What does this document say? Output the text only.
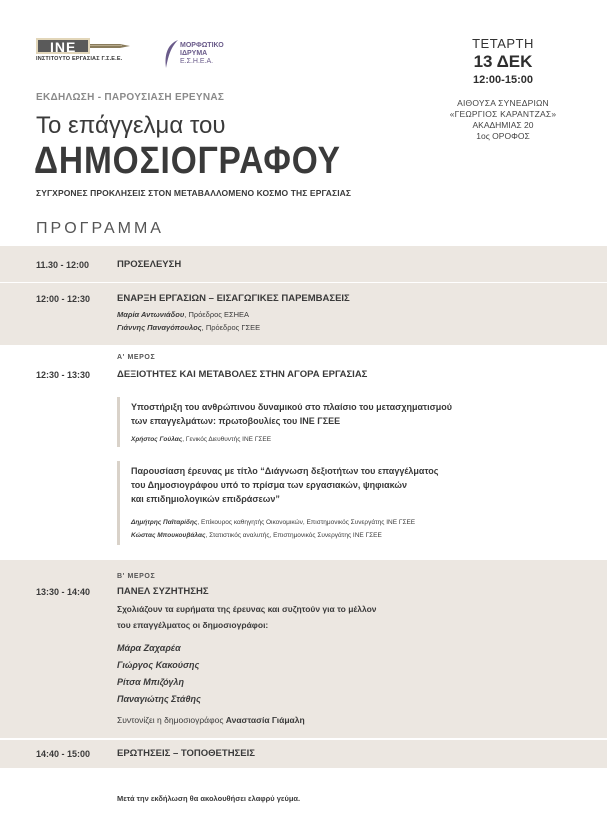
INE
ΙΝΣΤΙΤΟΥΤΟ ΕΡΓΑΣΙΑΣ Γ.Σ.Ε.Ε.
ΜΟΡΦΩΤΙΚΟ
ΙΔΡΥΜΑ
Ε.Σ.Η.Ε.Α.
ΤΕΤΑΡΤΗ
13 ΔΕΚ
12:00-15:00
ΑΙΘΟΥΣΑ ΣΥΝΕΔΡΙΩΝ
«ΓΕΩΡΓΙΟΣ ΚΑΡΑΝΤΖΑΣ»
ΑΚΑΔΗΜΙΑΣ 20
1ος ΟΡΟΦΟΣ
ΕΚΔΗΛΩΣΗ - ΠΑΡΟΥΣΙΑΣΗ ΕΡΕΥΝΑΣ
Το επάγγελμα του
ΔΗΜΟΣΙΟΓΡΑΦΟΥ
ΣΥΓΧΡΟΝΕΣ ΠΡΟΚΛΗΣΕΙΣ ΣΤΟΝ ΜΕΤΑΒΑΛΛΟΜΕΝΟ ΚΟΣΜΟ ΤΗΣ ΕΡΓΑΣΙΑΣ
ΠΡΟΓΡΑΜΜΑ
11.30 - 12:00	ΠΡΟΣΕΛΕΥΣΗ
12:00 - 12:30	ΕΝΑΡΞΗ ΕΡΓΑΣΙΩΝ – ΕΙΣΑΓΩΓΙΚΕΣ ΠΑΡΕΜΒΑΣΕΙΣ
Μαρία Αντωνιάδου, Πρόεδρος ΕΣΗΕΑ
Γιάννης Παναγόπουλος, Πρόεδρος ΓΣΕΕ
Α' ΜΕΡΟΣ
12:30 - 13:30	ΔΕΞΙΟΤΗΤΕΣ ΚΑΙ ΜΕΤΑΒΟΛΕΣ ΣΤΗΝ ΑΓΟΡΑ ΕΡΓΑΣΙΑΣ
Υποστήριξη του ανθρώπινου δυναμικού στο πλαίσιο του μετασχηματισμού
των επαγγελμάτων: πρωτοβουλίες του ΙΝΕ ΓΣΕΕ
Χρήστος Γούλας, Γενικός Διευθυντής ΙΝΕ ΓΣΕΕ
Παρουσίαση έρευνας με τίτλο “Διάγνωση δεξιοτήτων του επαγγέλματος
του Δημοσιογράφου υπό το πρίσμα των εργασιακών, ψηφιακών
και επιδημιολογικών επιδράσεων”
Δημήτρης Παϊταρίδης, Επίκουρος καθηγητής Οικονομικών, Επιστημονικός Συνεργάτης ΙΝΕ ΓΣΕΕ
Κώστας Μπουκουβάλας, Στατιστικός αναλυτής, Επιστημονικός Συνεργάτης ΙΝΕ ΓΣΕΕ
Β' ΜΕΡΟΣ
13:30 - 14:40	ΠΑΝΕΛ ΣΥΖΗΤΗΣΗΣ
Σχολιάζουν τα ευρήματα της έρευνας και συζητούν για το μέλλον
του επαγγέλματος οι δημοσιογράφοι:
Μάρα Ζαχαρέα
Γιώργος Κακούσης
Ρίτσα Μπιζόγλη
Παναγιώτης Στάθης
Συντονίζει η δημοσιογράφος Αναστασία Γιάμαλη
14:40 - 15:00	ΕΡΩΤΗΣΕΙΣ – ΤΟΠΟΘΕΤΗΣΕΙΣ
Μετά την εκδήλωση θα ακολουθήσει ελαφρύ γεύμα.
